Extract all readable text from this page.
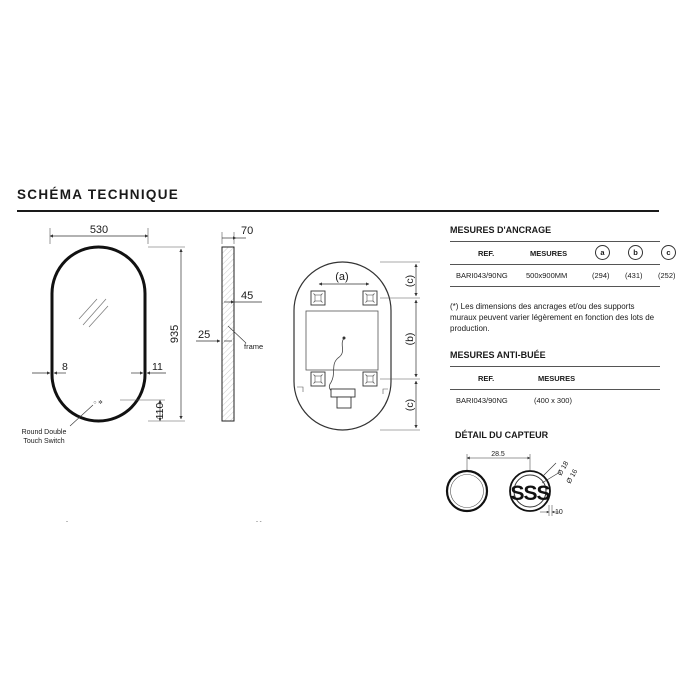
SCHÉMA TECHNIQUE
530
○ ✲
935
8	11
110
Round Double
Touch Switch
-
70
45
25
frame
- -
(a)	(c)
(b)
(c)
28.5
SSS
Ø 18
Ø 16
10
MESURES D'ANCRAGE
REF.	MESURES	a	b	c
BARI043/90NG 500x900MM	(294) (431) (252)
(*) Les dimensions des ancrages et/ou des supports muraux peuvent varier légèrement en fonction des lots de production.
MESURES ANTI-BUÉE
REF.	MESURES
BARI043/90NG	(400 x 300)
DÉTAIL DU CAPTEUR
